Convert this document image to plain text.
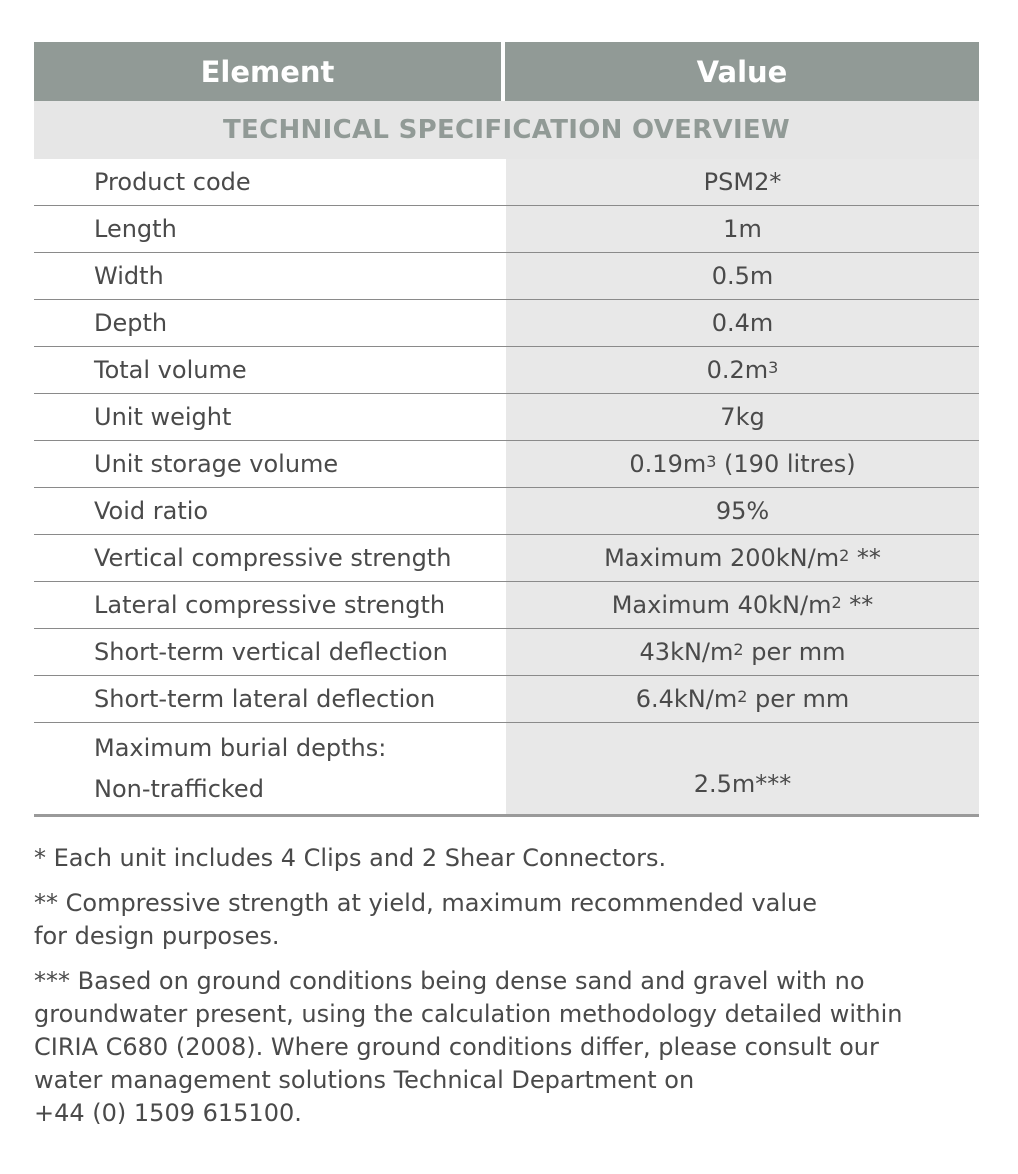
Element	Value
TECHNICAL SPECIFICATION OVERVIEW
Product code	PSM2*
Length	1m
Width	0.5m
Depth	0.4m
Total volume	$0.2m^3$
Unit weight	7kg
Unit storage volume	$0.19m^3$ (190 litres)
Void ratio	95%
Vertical compressive strength	Maximum $200kN/m^2$ **
Lateral compressive strength	Maximum $40kN/m^2$ **
Short-term vertical deflection	$43kN/m^2$ per mm
Short-term lateral deflection	$6.4kN/m^2$ per mm
Maximum burial depths:
Non-trafficked	2.5m***

* Each unit includes 4 Clips and 2 Shear Connectors.

** Compressive strength at yield, maximum recommended value
for design purposes.

*** Based on ground conditions being dense sand and gravel with no
groundwater present, using the calculation methodology detailed within
CIRIA C680 (2008). Where ground conditions differ, please consult our
water management solutions Technical Department on
+44 (0) 1509 615100.
